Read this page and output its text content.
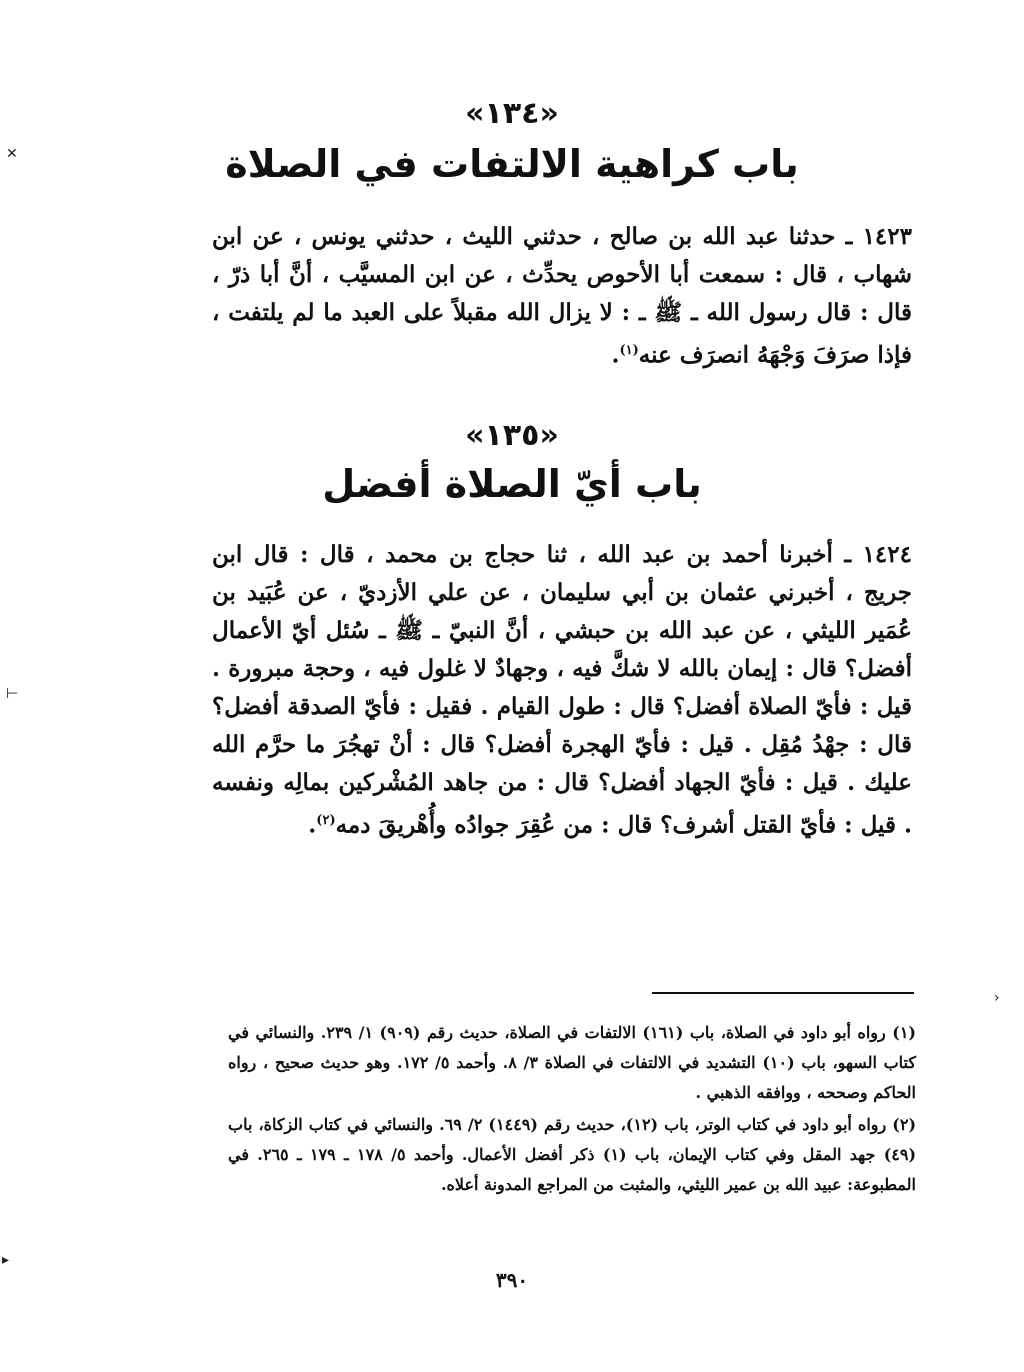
«١٣٤»
باب كراهية الالتفات في الصلاة

١٤٢٣ ـ حدثنا عبد الله بن صالح ، حدثني الليث ، حدثني يونس ، عن ابن شهاب ، قال : سمعت أبا الأحوص يحدِّث ، عن ابن المسيَّب ، أنَّ أبا ذرّ ، قال : قال رسول الله ـ ﷺ ـ : لا يزال الله مقبلاً على العبد ما لم يلتفت ، فإذا صرَفَ وَجْهَهُ انصرَف عنه$^{(١)}$.

«١٣٥»
باب أيّ الصلاة أفضل

١٤٢٤ ـ أخبرنا أحمد بن عبد الله ، ثنا حجاج بن محمد ، قال : قال ابن جريج ، أخبرني عثمان بن أبي سليمان ، عن علي الأزديّ ، عن عُبَيد بن عُمَير الليثي ، عن عبد الله بن حبشي ، أنَّ النبيّ ـ ﷺ ـ سُئل أيّ الأعمال أفضل؟ قال : إيمان بالله لا شكَّ فيه ، وجهادٌ لا غلول فيه ، وحجة مبرورة . قيل : فأيّ الصلاة أفضل؟ قال : طول القيام . فقيل : فأيّ الصدقة أفضل؟ قال : جهْدُ مُقِل . قيل : فأيّ الهجرة أفضل؟ قال : أنْ تهجُرَ ما حرَّم الله عليك . قيل : فأيّ الجهاد أفضل؟ قال : من جاهد المُشْركين بمالِه ونفسه . قيل : فأيّ القتل أشرف؟ قال : من عُقِرَ جوادُه وأُهْريقَ دمه$^{(٢)}$.

(١) رواه أبو داود في الصلاة، باب (١٦١) الالتفات في الصلاة، حديث رقم (٩٠٩) ١/ ٢٣٩. والنسائي في كتاب السهو، باب (١٠) التشديد في الالتفات في الصلاة ٣/ ٨. وأحمد ٥/ ١٧٢. وهو حديث صحيح ، رواه الحاكم وصححه ، ووافقه الذهبي .

(٢) رواه أبو داود في كتاب الوتر، باب (١٢)، حديث رقم (١٤٤٩) ٢/ ٦٩. والنسائي في كتاب الزكاة، باب (٤٩) جهد المقل وفي كتاب الإيمان، باب (١) ذكر أفضل الأعمال. وأحمد ٥/ ١٧٨ ـ ١٧٩ ـ ٢٦٥. في المطبوعة: عبيد الله بن عمير الليثي، والمثبت من المراجع المدونة أعلاه.

٣٩٠
✕
⊢
›
▸
